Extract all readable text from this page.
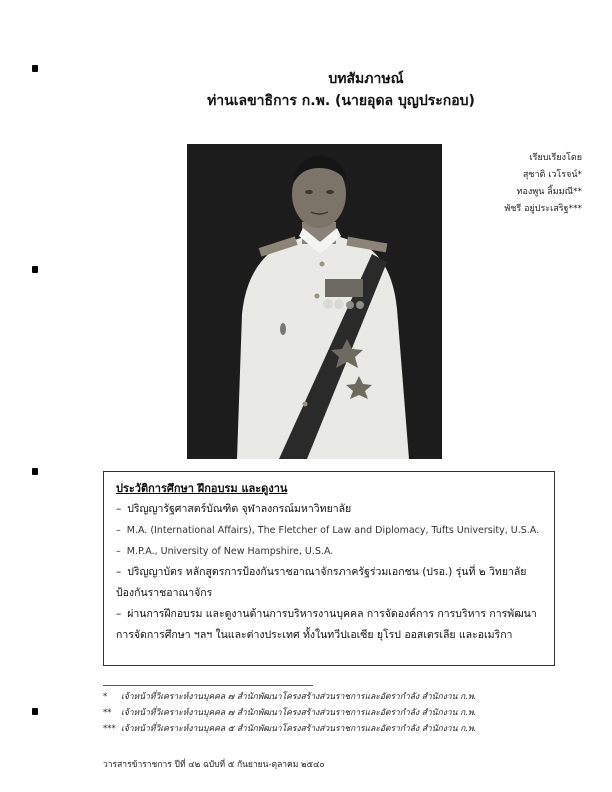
บทสัมภาษณ์
ท่านเลขาธิการ ก.พ. (นายอุดล บุญประกอบ)
เรียบเรียงโดย
สุชาติ เวโรจน์*
ทองพูน ลิ้มมณี**
พัชรี อยู่ประเสริฐ***
ประวัติการศึกษา ฝึกอบรม และดูงาน
– ปริญญารัฐศาสตร์บัณฑิต จุฬาลงกรณ์มหาวิทยาลัย
– M.A. (International Affairs), The Fletcher of Law and Diplomacy, Tufts University, U.S.A.
– M.P.A., University of New Hampshire, U.S.A.
– ปริญญาบัตร หลักสูตรการป้องกันราชอาณาจักรภาครัฐร่วมเอกชน (ปรอ.) รุ่นที่ ๒ วิทยาลัยป้องกันราชอาณาจักร
– ผ่านการฝึกอบรม และดูงานด้านการบริหารงานบุคคล การจัดองค์การ การบริหาร การพัฒนา การจัดการศึกษา ฯลฯ ในและต่างประเทศ ทั้งในทวีปเอเซีย ยุโรป ออสเตรเลีย และอเมริกา
* เจ้าหน้าที่วิเคราะห์งานบุคคล ๗ สำนักพัฒนาโครงสร้างส่วนราชการและอัตรากำลัง สำนักงาน ก.พ.
** เจ้าหน้าที่วิเคราะห์งานบุคคล ๗ สำนักพัฒนาโครงสร้างส่วนราชการและอัตรากำลัง สำนักงาน ก.พ.
*** เจ้าหน้าที่วิเคราะห์งานบุคคล ๕ สำนักพัฒนาโครงสร้างส่วนราชการและอัตรากำลัง สำนักงาน ก.พ.
วารสารข้าราชการ ปีที่ ๔๒ ฉบับที่ ๕ กันยายน-ตุลาคม ๒๕๔๐
